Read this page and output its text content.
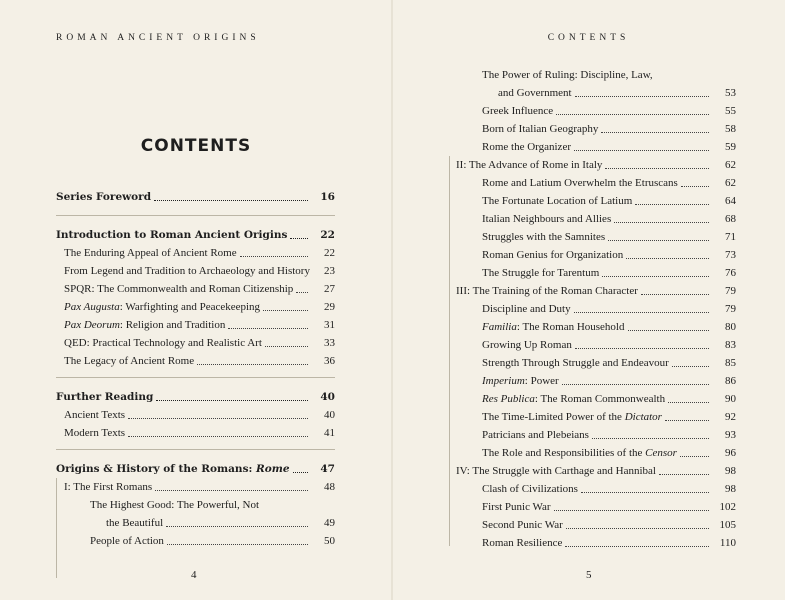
ROMAN ANCIENT ORIGINS
CONTENTS
Series Foreword	16
Introduction to Roman Ancient Origins	22
The Enduring Appeal of Ancient Rome	22
From Legend and Tradition to Archaeology and History	23
SPQR: The Commonwealth and Roman Citizenship	27
Pax Augusta: Warfighting and Peacekeeping	29
Pax Deorum: Religion and Tradition	31
QED: Practical Technology and Realistic Art	33
The Legacy of Ancient Rome	36
Further Reading	40
Ancient Texts	40
Modern Texts	41
Origins & History of the Romans: Rome	47
I: The First Romans	48
The Highest Good: The Powerful, Not
the Beautiful	49
People of Action	50
4
CONTENTS
The Power of Ruling: Discipline, Law,
and Government	53
Greek Influence	55
Born of Italian Geography	58
Rome the Organizer	59
II: The Advance of Rome in Italy	62
Rome and Latium Overwhelm the Etruscans	62
The Fortunate Location of Latium	64
Italian Neighbours and Allies	68
Struggles with the Samnites	71
Roman Genius for Organization	73
The Struggle for Tarentum	76
III: The Training of the Roman Character	79
Discipline and Duty	79
Familia: The Roman Household	80
Growing Up Roman	83
Strength Through Struggle and Endeavour	85
Imperium: Power	86
Res Publica: The Roman Commonwealth	90
The Time-Limited Power of the Dictator	92
Patricians and Plebeians	93
The Role and Responsibilities of the Censor	96
IV: The Struggle with Carthage and Hannibal	98
Clash of Civilizations	98
First Punic War	102
Second Punic War	105
Roman Resilience	110
5
